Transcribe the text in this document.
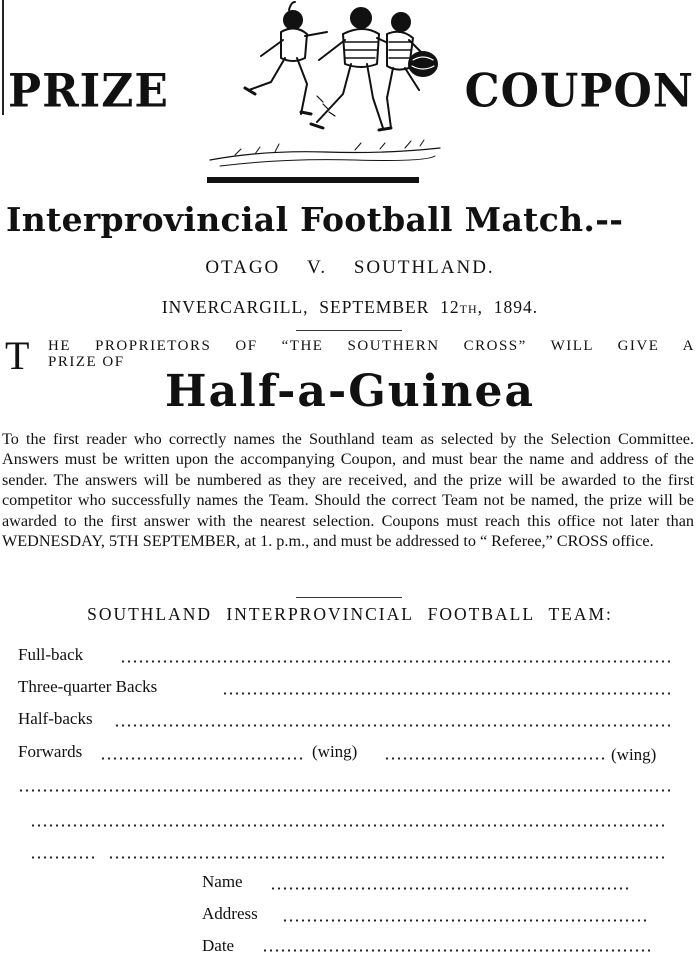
PRIZE	COUPON
Interprovincial Football Match.--
OTAGO V. SOUTHLAND.
INVERCARGILL, SEPTEMBER 12th, 1894.
T HE PROPRIETORS OF “THE SOUTHERN CROSS” WILL GIVE A
PRIZE OF
Half-a-Guinea
To the first reader who correctly names the Southland team as selected by the Selection Committee. Answers must be written upon the accompanying Coupon, and must bear the name and address of the sender. The answers will be numbered as they are received, and the prize will be awarded to the first competitor who successfully names the Team. Should the correct Team not be named, the prize will be awarded to the first answer with the nearest selection. Coupons must reach this office not later than WEDNESDAY, 5TH SEPTEMBER, at 1. p.m., and must be addressed to “ Referee,” CROSS office.
SOUTHLAND INTERPROVINCIAL FOOTBALL TEAM:
Full-back
Three-quarter Backs
Half-backs
Forwards	(wing)	(wing)
Name
Address
Date
